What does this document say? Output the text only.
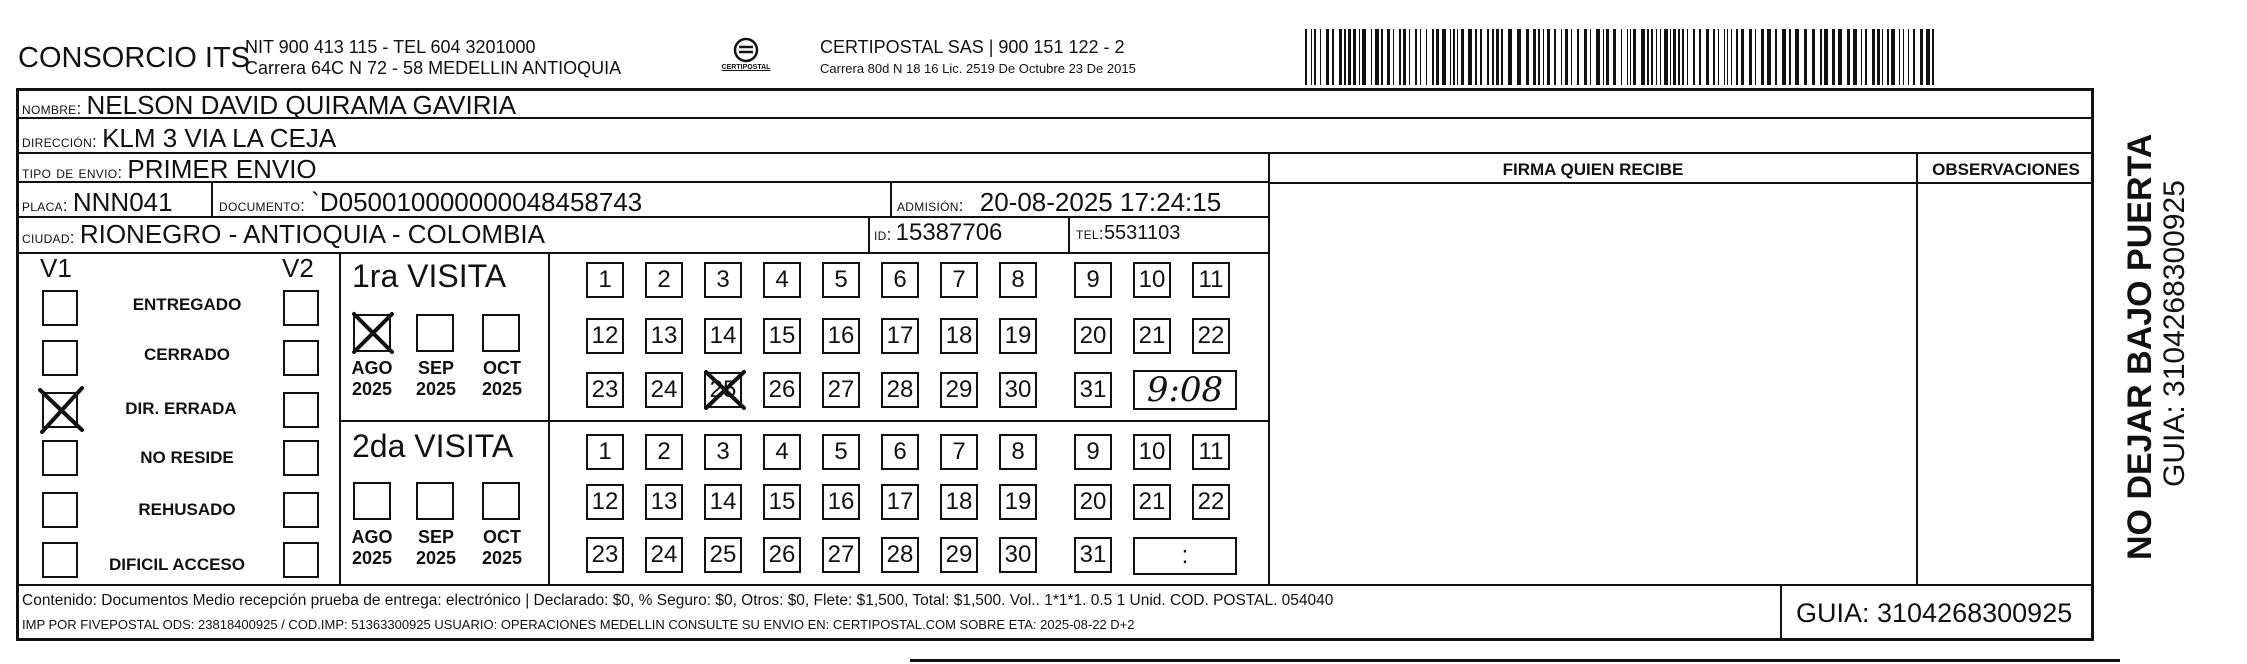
CONSORCIO ITS
NIT 900 413 115 - TEL 604 3201000
Carrera 64C N 72 - 58 MEDELLIN ANTIOQUIA	CERTIPOSTAL
CERTIPOSTAL SAS | 900 151 122 - 2
Carrera 80d N 18 16 Lic. 2519 De Octubre 23 De 2015
nombre: NELSON DAVID QUIRAMA GAVIRIA
dirección: KLM 3 VIA LA CEJA
tipo de envio: PRIMER ENVIO
placa: NNN041	documento: `D050010000000048458743	admisión: 20-08-2025 17:24:15
ciudad: RIONEGRO - ANTIOQUIA - COLOMBIA	id: 15387706	tel: 5531103
FIRMA QUIEN RECIBE	OBSERVACIONES
V1	V2
ENTREGADO
CERRADO
DIR. ERRADA
NO RESIDE
REHUSADO
DIFICIL ACCESO
1ra VISITA
AGO
2025
SEP
2025
OCT
2025
2da VISITA
AGO
2025
SEP
2025
OCT
2025
1	2	3	4	5	6	7	8	9	10 11
12 13 14 15 16 17 18 19 20 21 22
23 24 25 26 27 28 29 30 31	9:08
1	2	3	4	5	6	7	8	9	10 11
12 13 14 15 16 17 18 19 20 21 22
23 24 25 26 27 28 29 30 31	:
Contenido: Documentos Medio recepción prueba de entrega: electrónico | Declarado: $0, % Seguro: $0, Otros: $0, Flete: $1,500, Total: $1,500. Vol.. 1*1*1. 0.5 1 Unid. COD. POSTAL. 054040
IMP POR FIVEPOSTAL ODS: 23818400925 / COD.IMP: 51363300925 USUARIO: OPERACIONES MEDELLIN CONSULTE SU ENVIO EN: CERTIPOSTAL.COM SOBRE ETA: 2025-08-22 D+2	GUIA: 3104268300925
NO DEJAR BAJO PUERTA GUIA: 3104268300925
